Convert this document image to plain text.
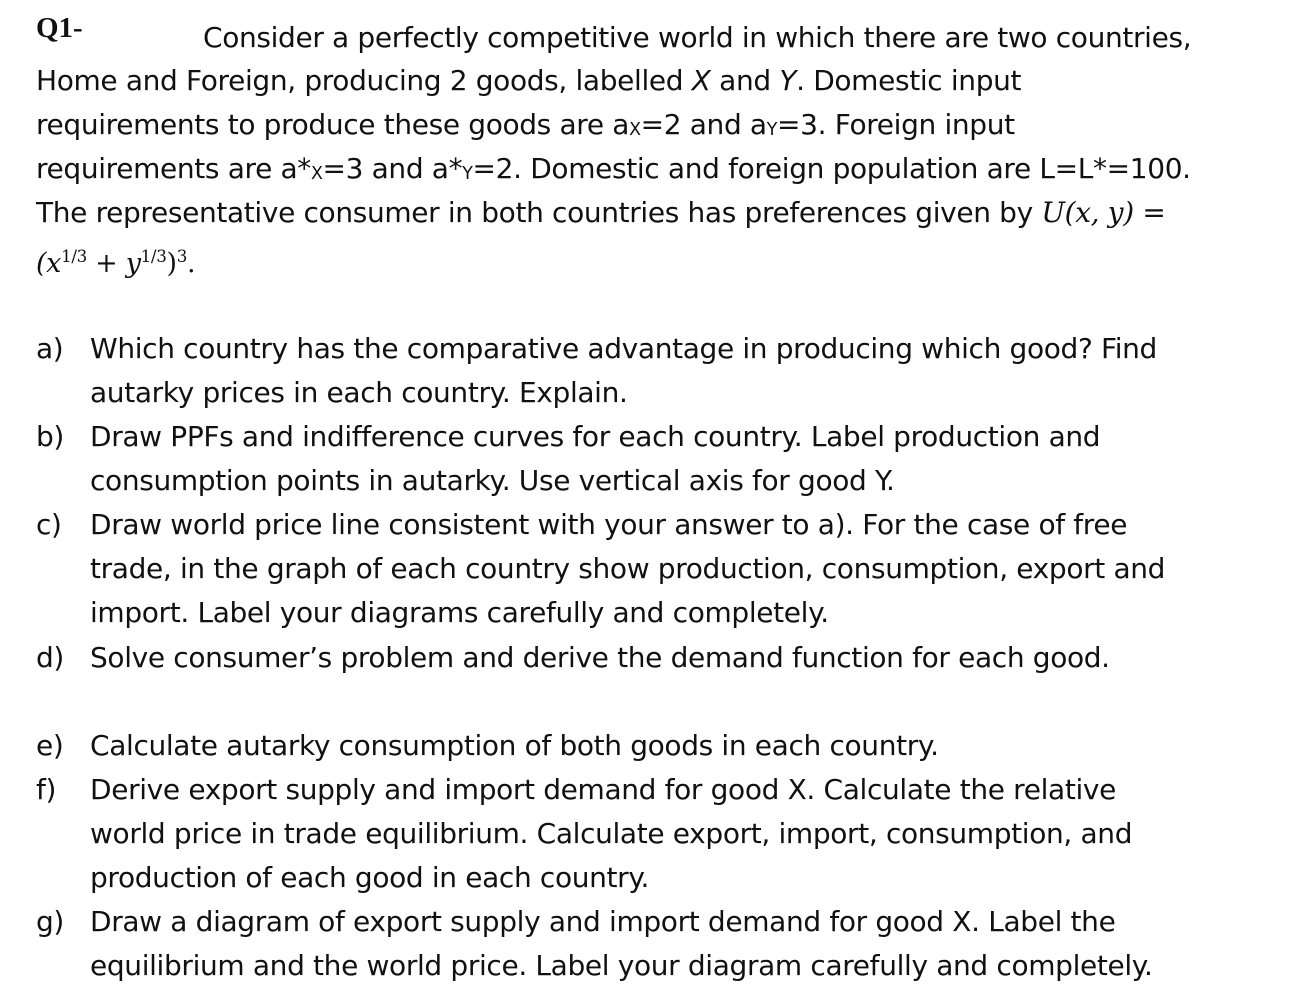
Q1-	Consider a perfectly competitive world in which there are two countries,
Home and Foreign, producing 2 goods, labelled X and Y. Domestic input
requirements to produce these goods are $a_X=2$ and $a_Y=3$. Foreign input
requirements are $a*_X=3$ and $a*_Y=2$. Domestic and foreign population are L=L*=100.
The representative consumer in both countries has preferences given by U(x, y) =
$(x^{1/3} + y^{1/3})^3$.
a) Which country has the comparative advantage in producing which good? Find
autarky prices in each country. Explain.
b) Draw PPFs and indifference curves for each country. Label production and
consumption points in autarky. Use vertical axis for good Y.
c) Draw world price line consistent with your answer to a). For the case of free
trade, in the graph of each country show production, consumption, export and
import. Label your diagrams carefully and completely.
d) Solve consumer’s problem and derive the demand function for each good.
e) Calculate autarky consumption of both goods in each country.
f) Derive export supply and import demand for good X. Calculate the relative
world price in trade equilibrium. Calculate export, import, consumption, and
production of each good in each country.
g) Draw a diagram of export supply and import demand for good X. Label the
equilibrium and the world price. Label your diagram carefully and completely.
